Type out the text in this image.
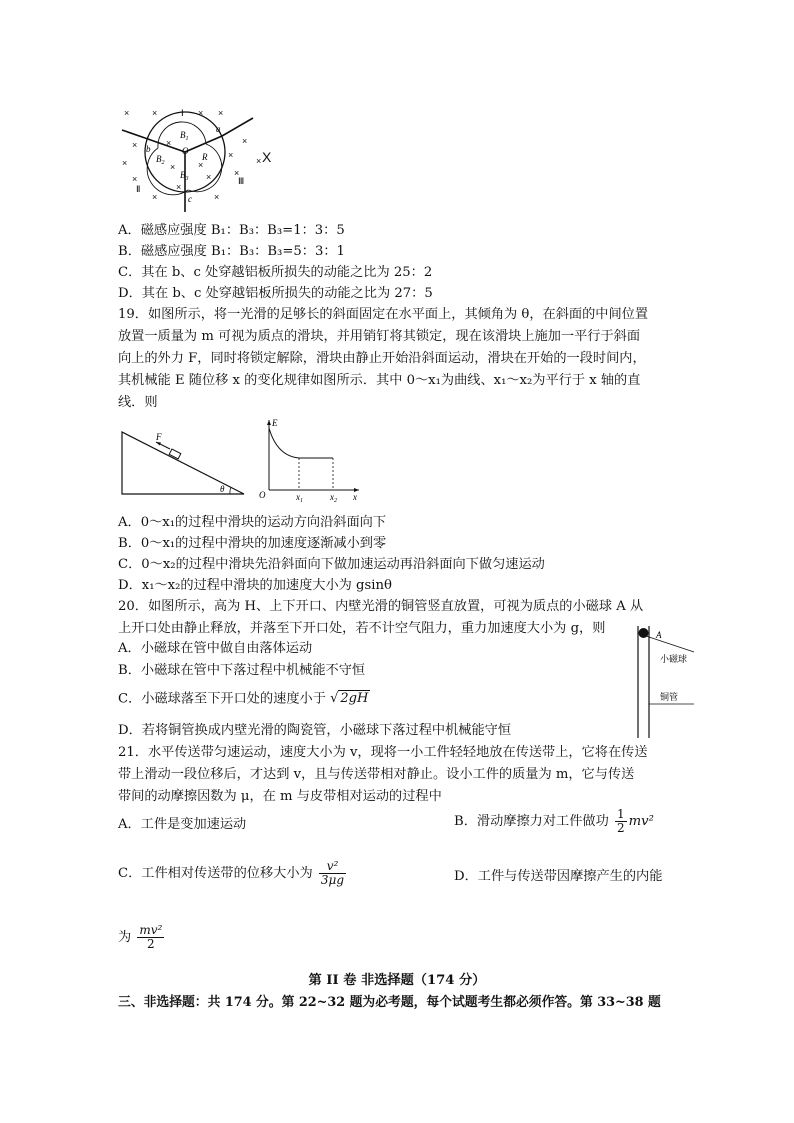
×	×	× ×
×
×
×
×
×
×
×
×
×	×
×
×
×	×
Ⅰ
Ⅱ
Ⅲ
$B_1$
$B_2$
$B_3$
O
R
a
b
c
X
A．磁感应强度 B₁：B₃：B₃=1：3：5
B．磁感应强度 B₁：B₃：B₃=5：3：1
C．其在 b、c 处穿越铝板所损失的动能之比为 25：2
D．其在 b、c 处穿越铝板所损失的动能之比为 27：5
19．如图所示，将一光滑的足够长的斜面固定在水平面上，其倾角为 θ，在斜面的中间位置
放置一质量为 m 可视为质点的滑块，并用销钉将其锁定，现在该滑块上施加一平行于斜面
向上的外力 F，同时将锁定解除，滑块由静止开始沿斜面运动，滑块在开始的一段时间内，
其机械能 E 随位移 x 的变化规律如图所示．其中 0～x₁为曲线、x₁～x₂为平行于 x 轴的直
线．则
F
θ
E
O	$x_1$	$x_2$ x
A．0～x₁的过程中滑块的运动方向沿斜面向下
B．0～x₁的过程中滑块的加速度逐渐减小到零
C．0～x₂的过程中滑块先沿斜面向下做加速运动再沿斜面向下做匀速运动
D．x₁～x₂的过程中滑块的加速度大小为 gsinθ
20．如图所示，高为 H、上下开口、内壁光滑的铜管竖直放置，可视为质点的小磁球 A 从
上开口处由静止释放，并落至下开口处，若不计空气阻力，重力加速度大小为 g，则
A．小磁球在管中做自由落体运动
B．小磁球在管中下落过程中机械能不守恒
C．小磁球落至下开口处的速度小于 √ 2gH
D．若将铜管换成内壁光滑的陶瓷管，小磁球下落过程中机械能守恒
A
小磁球
铜管
21．水平传送带匀速运动，速度大小为 v，现将一小工件轻轻地放在传送带上，它将在传送
带上滑动一段位移后，才达到 v，且与传送带相对静止。设小工件的质量为 m，它与传送
带间的动摩擦因数为 μ，在 m 与皮带相对运动的过程中
A．工件是变加速运动	B．滑动摩擦力对工件做功 $\frac{1}{2} mv^2$
C．工件相对传送带的位移大小为 $\frac{\text{v²}}{3\mu g}$	D．工件与传送带因摩擦产生的内能
为 $\frac{\text{mv²}}{2}$
第 II 卷 非选择题（174 分）
三、非选择题：共 174 分。第 22~32 题为必考题，每个试题考生都必须作答。第 33~38 题
